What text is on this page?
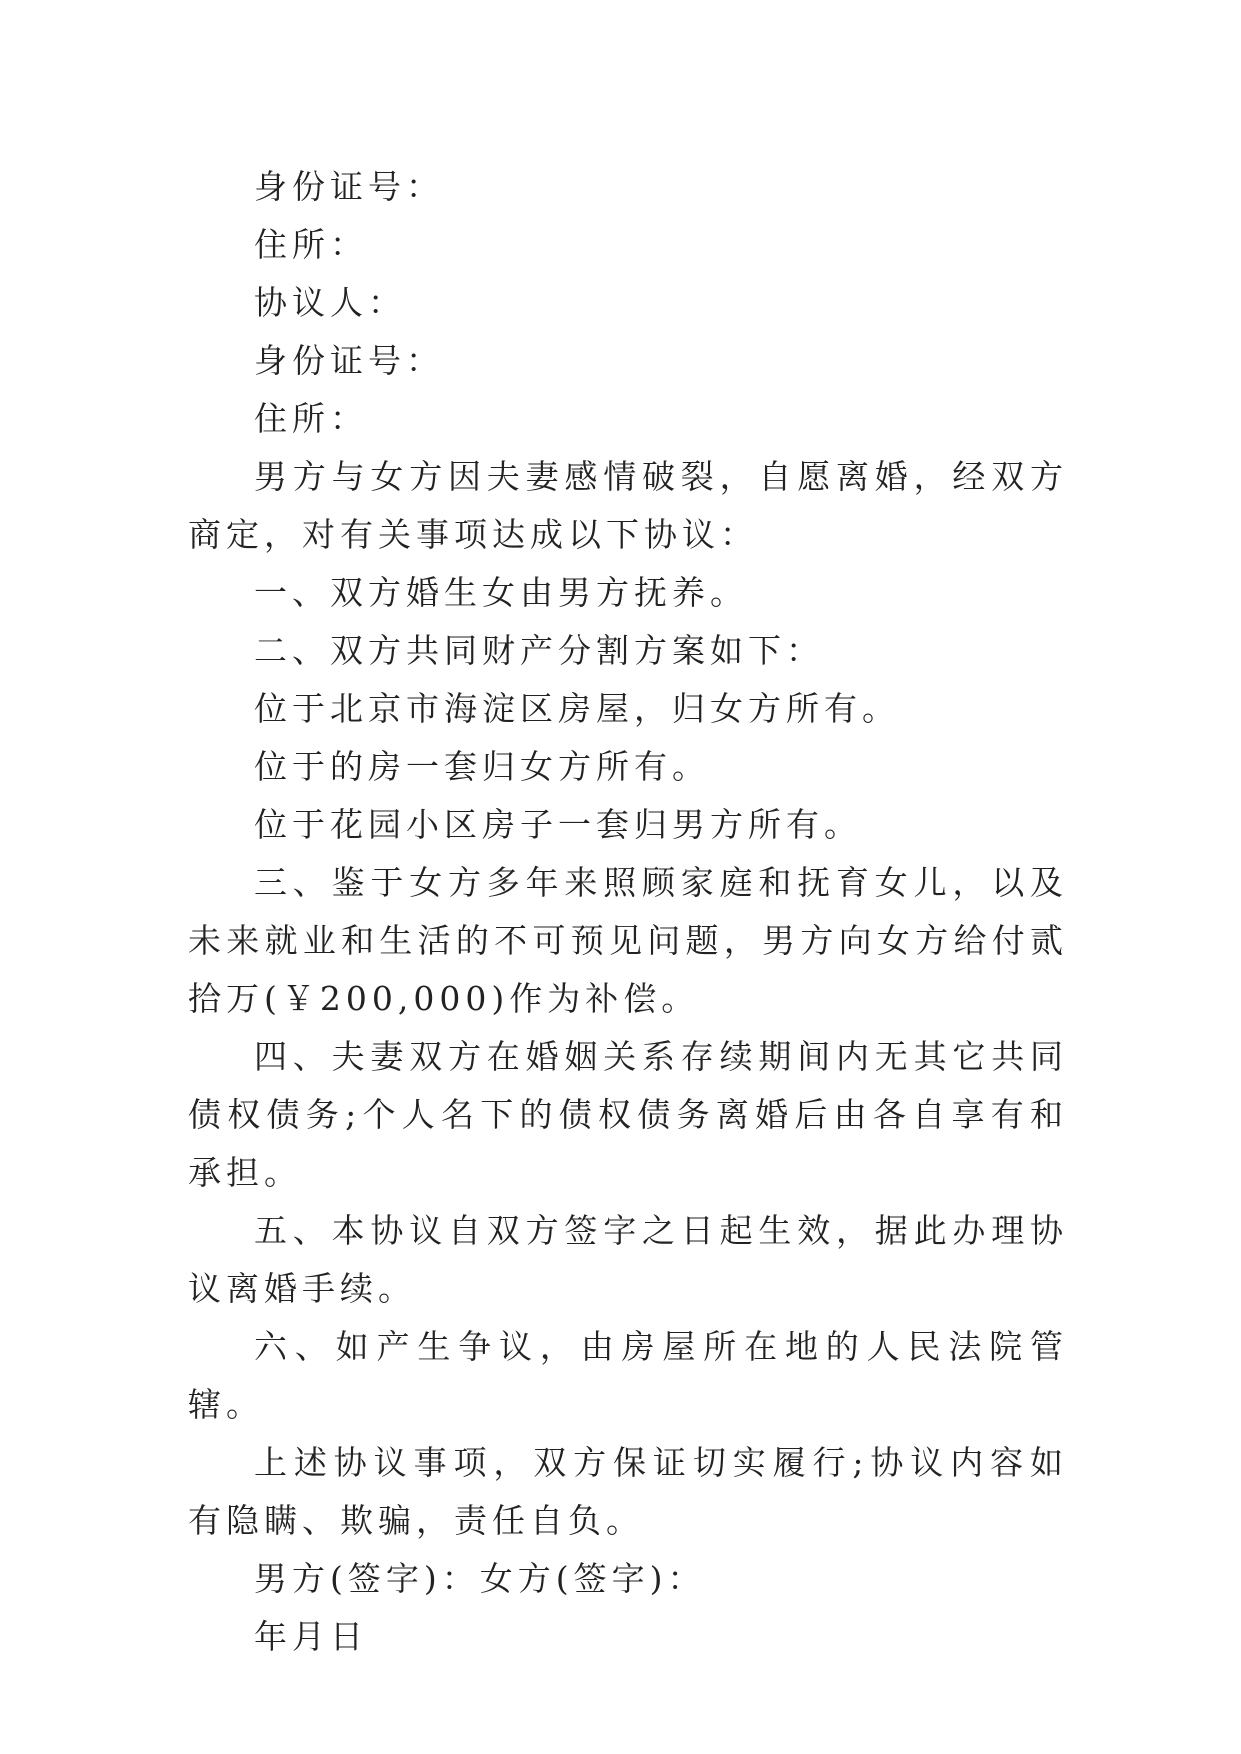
身份证号：

住所：

协议人：

身份证号：

住所：

男方与女方因夫妻感情破裂，自愿离婚，经双方商定，对有关事项达成以下协议：

一、双方婚生女由男方抚养。

二、双方共同财产分割方案如下：

位于北京市海淀区房屋，归女方所有。

位于的房一套归女方所有。

位于花园小区房子一套归男方所有。

三、鉴于女方多年来照顾家庭和抚育女儿，以及未来就业和生活的不可预见问题，男方向女方给付贰拾万(￥200,000)作为补偿。

四、夫妻双方在婚姻关系存续期间内无其它共同债权债务;个人名下的债权债务离婚后由各自享有和承担。

五、本协议自双方签字之日起生效，据此办理协议离婚手续。

六、如产生争议，由房屋所在地的人民法院管辖。

上述协议事项，双方保证切实履行;协议内容如有隐瞒、欺骗，责任自负。

男方(签字)：女方(签字)：

年月日
